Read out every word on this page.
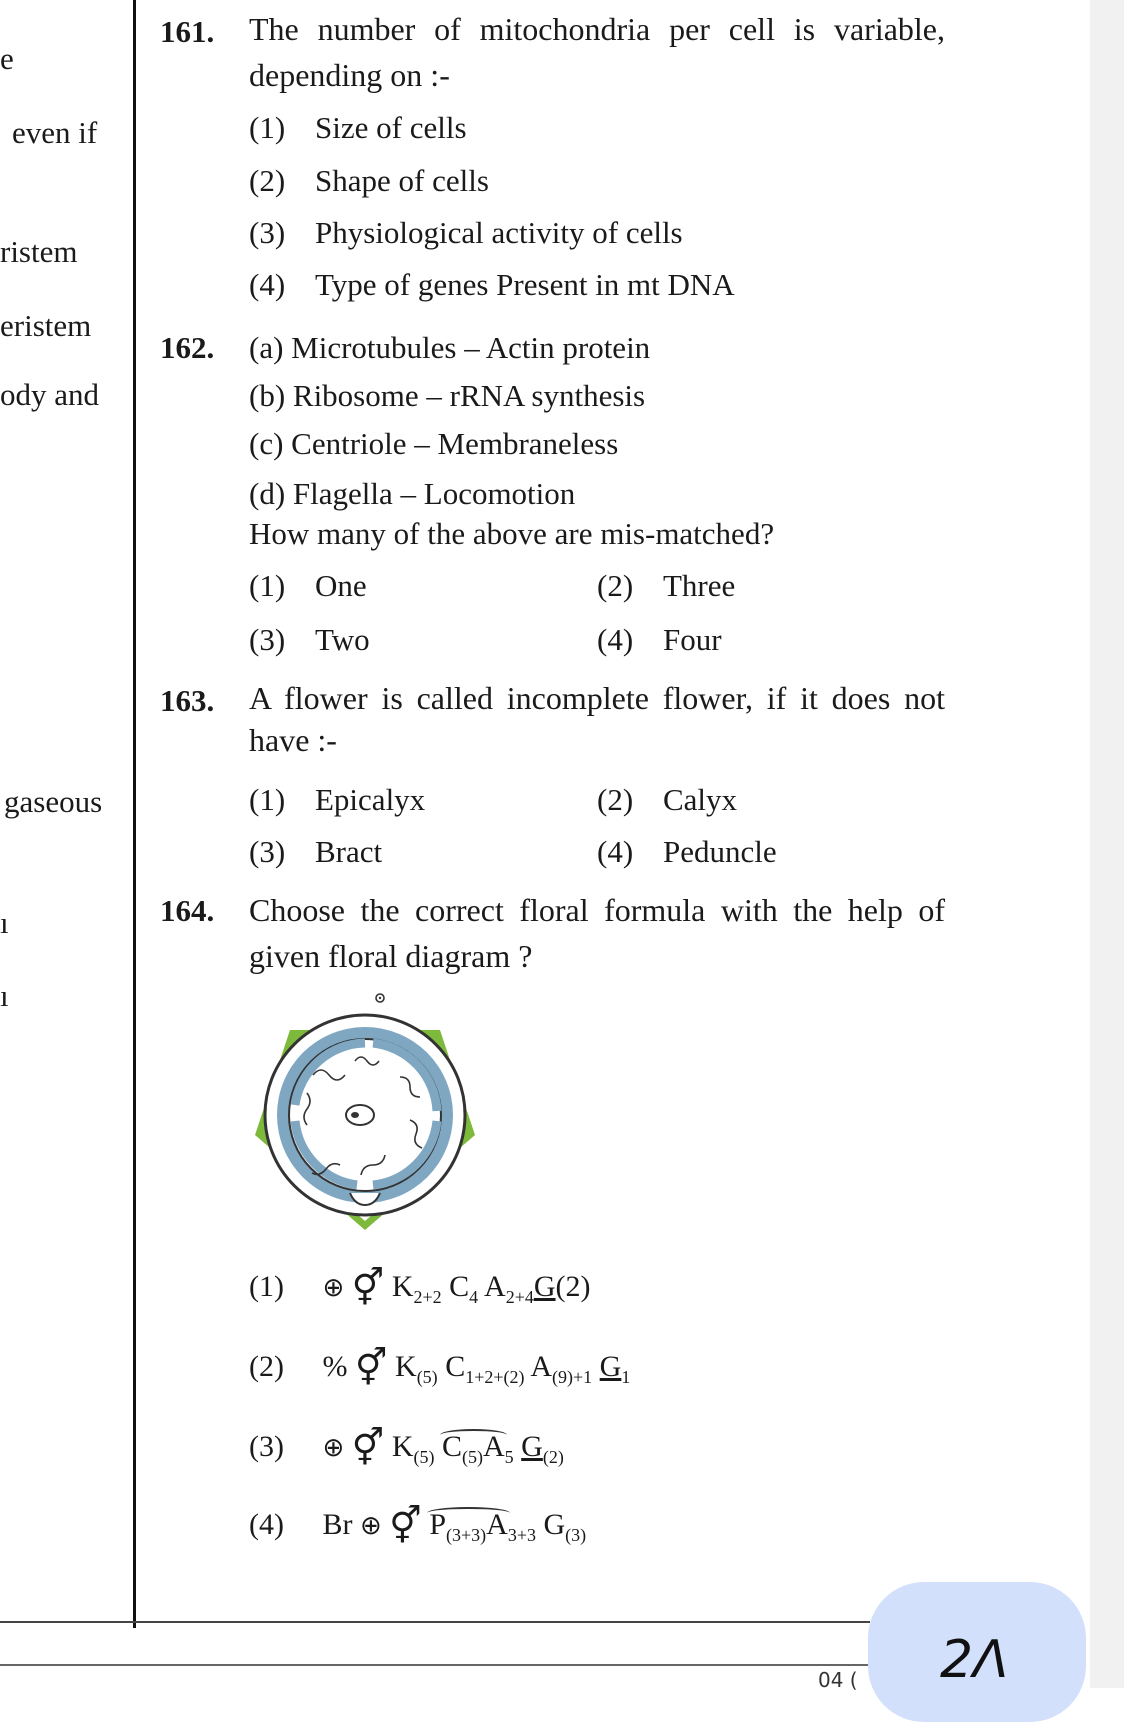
e
even if
ristem
eristem
ody and
gaseous
ı
ı
161. The number of mitochondria per cell is variable, depending on :-
(1) Size of cells
(2) Shape of cells
(3) Physiological activity of cells
(4) Type of genes Present in mt DNA
162. (a) Microtubules – Actin protein
(b) Ribosome – rRNA synthesis
(c) Centriole – Membraneless
(d) Flagella – Locomotion
How many of the above are mis-matched?
(1) One	(2) Three
(3) Two	(4) Four
163. A flower is called incomplete flower, if it does not have :-
(1) Epicalyx	(2) Calyx
(3) Bract	(4) Peduncle
164. Choose the correct floral formula with the help of given floral diagram ?
(1) ⊕ ⚥ $K_{2+2}$ $C_4$ $A_{2+4}G(2)$
(2) % ⚥ $K_{(5)}$ $C_{1+2+(2)}$ $A_{(9)+1}$ $G_1$
(3) ⊕ ⚥ $K_{(5)}$ $C_{(5)}A_5$ $G_{(2)}$
(4) Br ⊕ ⚥ $P_{(3+3)}A_{3+3}$ $G_{(3)}$
04 ( 2Λ
